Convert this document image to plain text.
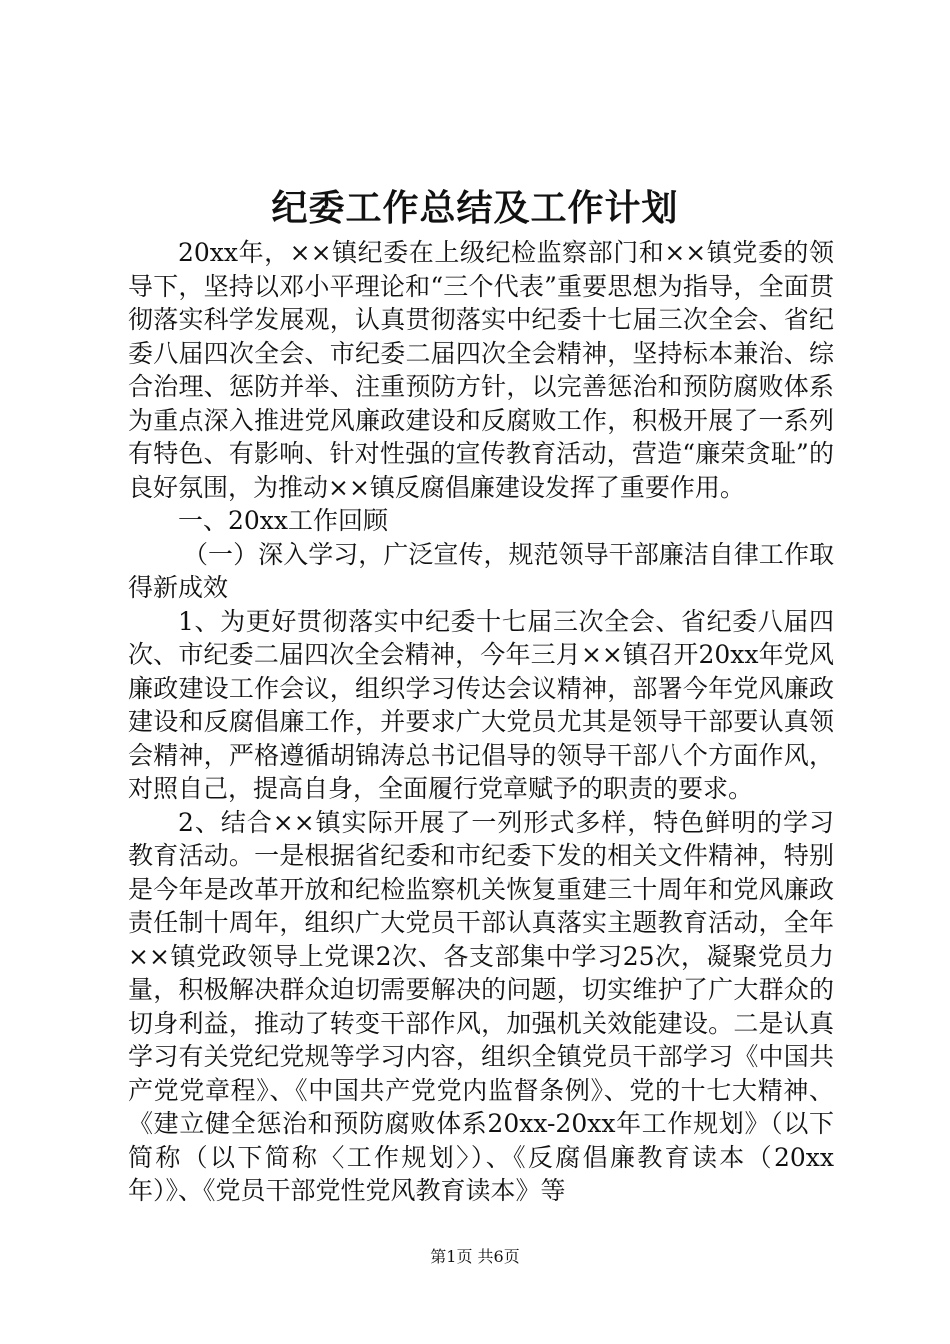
纪委工作总结及工作计划

20xx年，××镇纪委在上级纪检监察部门和××镇党委的领导下，坚持以邓小平理论和“三个代表”重要思想为指导，全面贯彻落实科学发展观，认真贯彻落实中纪委十七届三次全会、省纪委八届四次全会、市纪委二届四次全会精神，坚持标本兼治、综合治理、惩防并举、注重预防方针，以完善惩治和预防腐败体系为重点深入推进党风廉政建设和反腐败工作，积极开展了一系列有特色、有影响、针对性强的宣传教育活动，营造“廉荣贪耻”的良好氛围，为推动××镇反腐倡廉建设发挥了重要作用。

一、20xx工作回顾

（一）深入学习，广泛宣传，规范领导干部廉洁自律工作取得新成效

1、为更好贯彻落实中纪委十七届三次全会、省纪委八届四次、市纪委二届四次全会精神，今年三月××镇召开20xx年党风廉政建设工作会议，组织学习传达会议精神，部署今年党风廉政建设和反腐倡廉工作，并要求广大党员尤其是领导干部要认真领会精神，严格遵循胡锦涛总书记倡导的领导干部八个方面作风，对照自己，提高自身，全面履行党章赋予的职责的要求。

2、结合××镇实际开展了一列形式多样，特色鲜明的学习教育活动。一是根据省纪委和市纪委下发的相关文件精神，特别是今年是改革开放和纪检监察机关恢复重建三十周年和党风廉政责任制十周年，组织广大党员干部认真落实主题教育活动，全年××镇党政领导上党课2次、各支部集中学习25次，凝聚党员力量，积极解决群众迫切需要解决的问题，切实维护了广大群众的切身利益，推动了转变干部作风，加强机关效能建设。二是认真学习有关党纪党规等学习内容，组织全镇党员干部学习《中国共产党党章程》、《中国共产党党内监督条例》、党的十七大精神、《建立健全惩治和预防腐败体系20xx-20xx年工作规划》（以下简称（以下简称〈工作规划〉）、《反腐倡廉教育读本（20xx年）》、《党员干部党性党风教育读本》等

第1页 共6页
